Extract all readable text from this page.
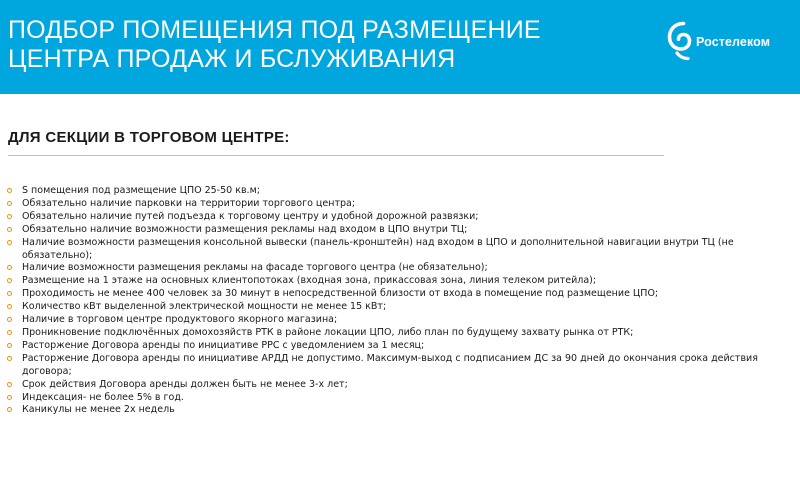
ПОДБОР ПОМЕЩЕНИЯ ПОД РАЗМЕЩЕНИЕ
ЦЕНТРА ПРОДАЖ И БСЛУЖИВАНИЯ
Ростелеком
ДЛЯ СЕКЦИИ В ТОРГОВОМ ЦЕНТРЕ:
S помещения под размещение ЦПО 25-50 кв.м;
Обязательно наличие парковки на территории торгового центра;
Обязательно наличие путей подъезда к торговому центру и удобной дорожной развязки;
Обязательно наличие возможности размещения рекламы над входом в ЦПО внутри ТЦ;
Наличие возможности размещения консольной вывески (панель-кронштейн) над входом в ЦПО и дополнительной навигации внутри ТЦ (не обязательно);
Наличие возможности размещения рекламы на фасаде торгового центра (не обязательно);
Размещение на 1 этаже на основных клиентопотоках (входная зона, прикассовая зона, линия телеком ритейла);
Проходимость не менее 400 человек за 30 минут в непосредственной близости от входа в помещение под размещение ЦПО;
Количество кВт выделенной электрической мощности не менее 15 кВт;
Наличие в торговом центре продуктового якорного магазина;
Проникновение подключённых домохозяйств РТК в районе локации ЦПО, либо план по будущему захвату рынка от РТК;
Расторжение Договора аренды по инициативе РРС с уведомлением за 1 месяц;
Расторжение Договора аренды по инициативе АРДД не допустимо. Максимум-выход с подписанием ДС за 90 дней до окончания срока действия договора;
Срок действия Договора аренды должен быть не менее 3-х лет;
Индексация- не более 5% в год.
Каникулы не менее 2х недель
